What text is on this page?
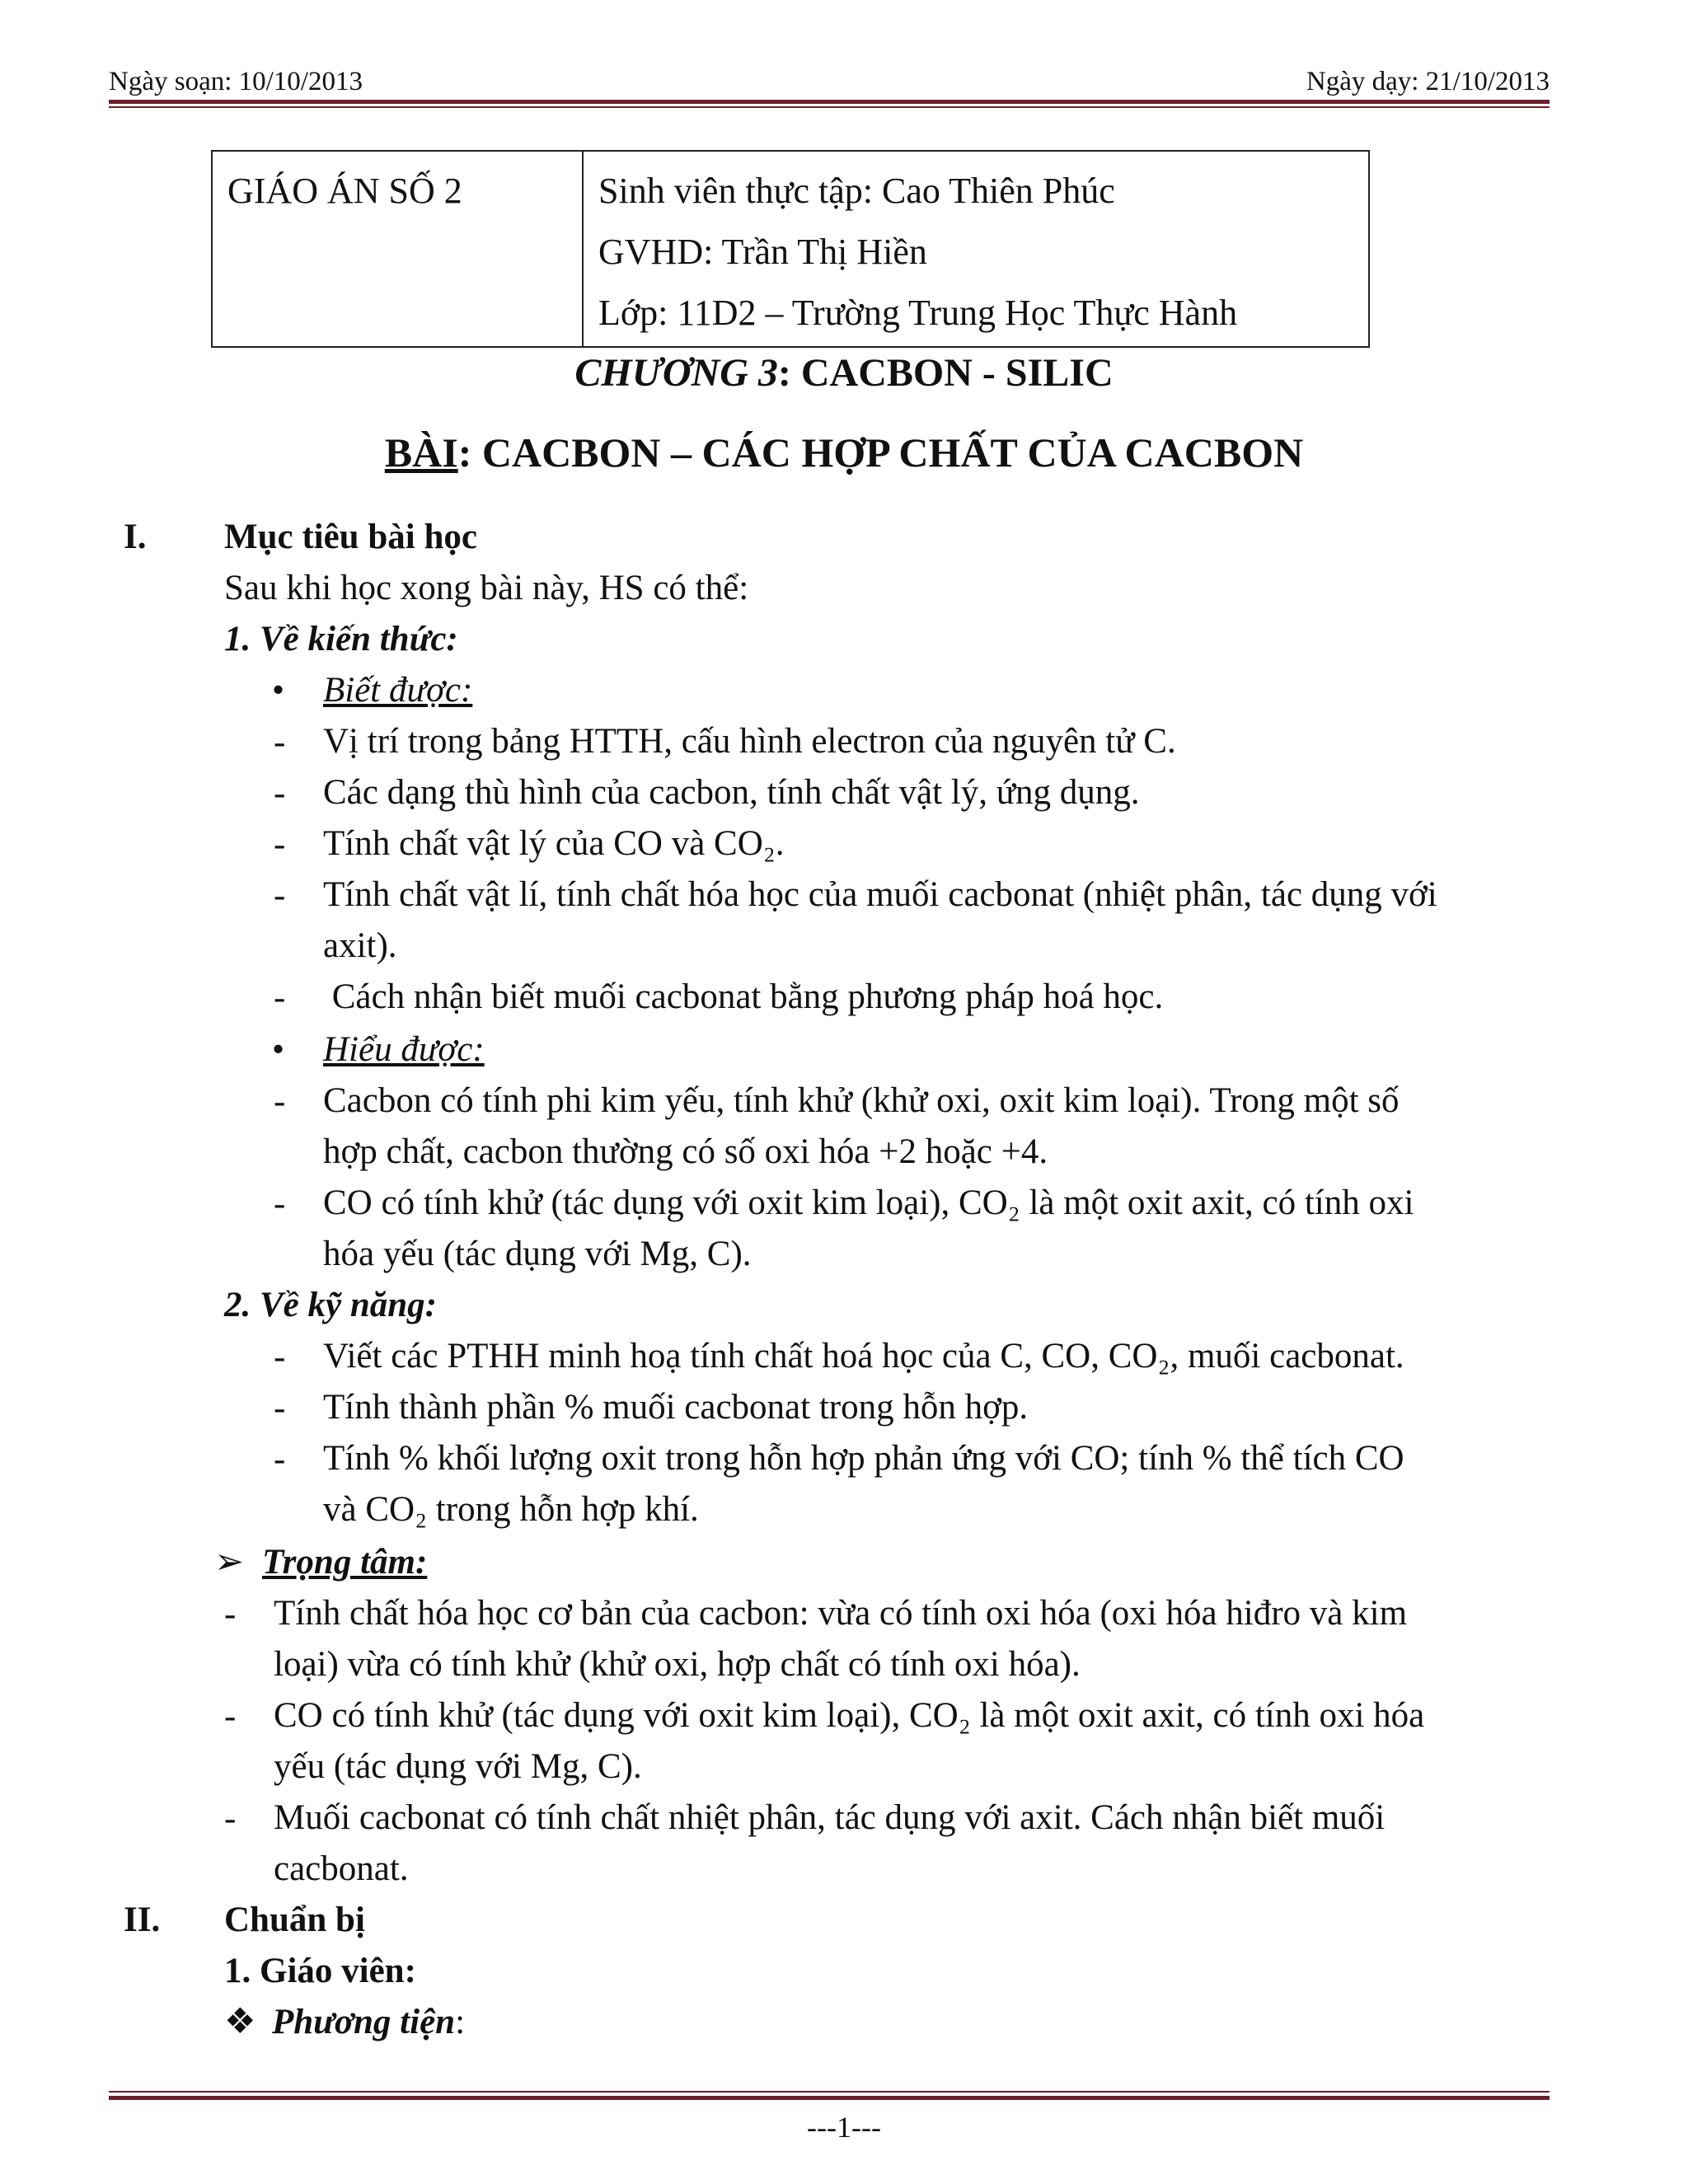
Ngày soạn: 10/10/2013	Ngày dạy: 21/10/2013
GIÁO ÁN SỐ 2	Sinh viên thực tập: Cao Thiên Phúc
GVHD: Trần Thị Hiền
Lớp: 11D2 – Trường Trung Học Thực Hành
CHƯƠNG 3: CACBON - SILIC
BÀI: CACBON – CÁC HỢP CHẤT CỦA CACBON
I. Mục tiêu bài học
Sau khi học xong bài này, HS có thể:
1. Về kiến thức:
• Biết được:
- Vị trí trong bảng HTTH, cấu hình electron của nguyên tử C.
- Các dạng thù hình của cacbon, tính chất vật lý, ứng dụng.
- Tính chất vật lý của CO và CO₂.
- Tính chất vật lí, tính chất hóa học của muối cacbonat (nhiệt phân, tác dụng với
axit).
- Cách nhận biết muối cacbonat bằng phương pháp hoá học.
• Hiểu được:
- Cacbon có tính phi kim yếu, tính khử (khử oxi, oxit kim loại). Trong một số
hợp chất, cacbon thường có số oxi hóa +2 hoặc +4.
- CO có tính khử (tác dụng với oxit kim loại), CO₂ là một oxit axit, có tính oxi
hóa yếu (tác dụng với Mg, C).
2. Về kỹ năng:
- Viết các PTHH minh hoạ tính chất hoá học của C, CO, CO₂, muối cacbonat.
- Tính thành phần % muối cacbonat trong hỗn hợp.
- Tính % khối lượng oxit trong hỗn hợp phản ứng với CO; tính % thể tích CO
và CO₂ trong hỗn hợp khí.
➢ Trọng tâm:
- Tính chất hóa học cơ bản của cacbon: vừa có tính oxi hóa (oxi hóa hiđro và kim
loại) vừa có tính khử (khử oxi, hợp chất có tính oxi hóa).
- CO có tính khử (tác dụng với oxit kim loại), CO₂ là một oxit axit, có tính oxi hóa
yếu (tác dụng với Mg, C).
- Muối cacbonat có tính chất nhiệt phân, tác dụng với axit. Cách nhận biết muối
cacbonat.
II. Chuẩn bị
1. Giáo viên:
❖ Phương tiện:
---1---
